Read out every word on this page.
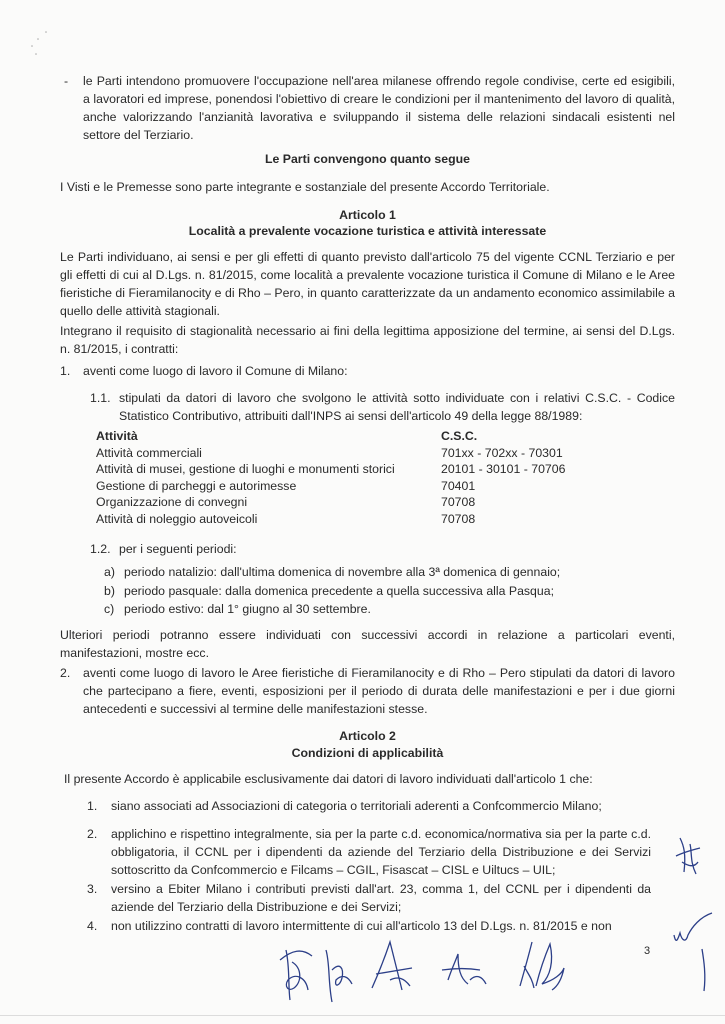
- le Parti intendono promuovere l'occupazione nell'area milanese offrendo regole condivise, certe ed esigibili, a lavoratori ed imprese, ponendosi l'obiettivo di creare le condizioni per il mantenimento del lavoro di qualità, anche valorizzando l'anzianità lavorativa e sviluppando il sistema delle relazioni sindacali esistenti nel settore del Terziario.

Le Parti convengono quanto segue

I Visti e le Premesse sono parte integrante e sostanziale del presente Accordo Territoriale.

Articolo 1

Località a prevalente vocazione turistica e attività interessate

Le Parti individuano, ai sensi e per gli effetti di quanto previsto dall'articolo 75 del vigente CCNL Terziario e per gli effetti di cui al D.Lgs. n. 81/2015, come località a prevalente vocazione turistica il Comune di Milano e le Aree fieristiche di Fieramilanocity e di Rho – Pero, in quanto caratterizzate da un andamento economico assimilabile a quello delle attività stagionali.

Integrano il requisito di stagionalità necessario ai fini della legittima apposizione del termine, ai sensi del D.Lgs. n. 81/2015, i contratti:

1. aventi come luogo di lavoro il Comune di Milano:

1.1. stipulati da datori di lavoro che svolgono le attività sotto individuate con i relativi C.S.C. - Codice Statistico Contributivo, attribuiti dall'INPS ai sensi dell'articolo 49 della legge 88/1989:

Attività	C.S.C.
Attività commerciali	701xx - 702xx - 70301
Attività di musei, gestione di luoghi e monumenti storici	20101 - 30101 - 70706
Gestione di parcheggi e autorimesse	70401
Organizzazione di convegni	70708
Attività di noleggio autoveicoli	70708
1.2. per i seguenti periodi:

a) periodo natalizio: dall'ultima domenica di novembre alla 3ª domenica di gennaio;

b) periodo pasquale: dalla domenica precedente a quella successiva alla Pasqua;

c) periodo estivo: dal 1° giugno al 30 settembre.

Ulteriori periodi potranno essere individuati con successivi accordi in relazione a particolari eventi, manifestazioni, mostre ecc.

2. aventi come luogo di lavoro le Aree fieristiche di Fieramilanocity e di Rho – Pero stipulati da datori di lavoro che partecipano a fiere, eventi, esposizioni per il periodo di durata delle manifestazioni e per i due giorni antecedenti e successivi al termine delle manifestazioni stesse.

Articolo 2

Condizioni di applicabilità

Il presente Accordo è applicabile esclusivamente dai datori di lavoro individuati dall'articolo 1 che:

1. siano associati ad Associazioni di categoria o territoriali aderenti a Confcommercio Milano;

2. applichino e rispettino integralmente, sia per la parte c.d. economica/normativa sia per la parte c.d. obbligatoria, il CCNL per i dipendenti da aziende del Terziario della Distribuzione e dei Servizi sottoscritto da Confcommercio e Filcams – CGIL, Fisascat – CISL e Uiltucs – UIL;

3. versino a Ebiter Milano i contributi previsti dall'art. 23, comma 1, del CCNL per i dipendenti da aziende del Terziario della Distribuzione e dei Servizi;

4. non utilizzino contratti di lavoro intermittente di cui all'articolo 13 del D.Lgs. n. 81/2015 e non

3
